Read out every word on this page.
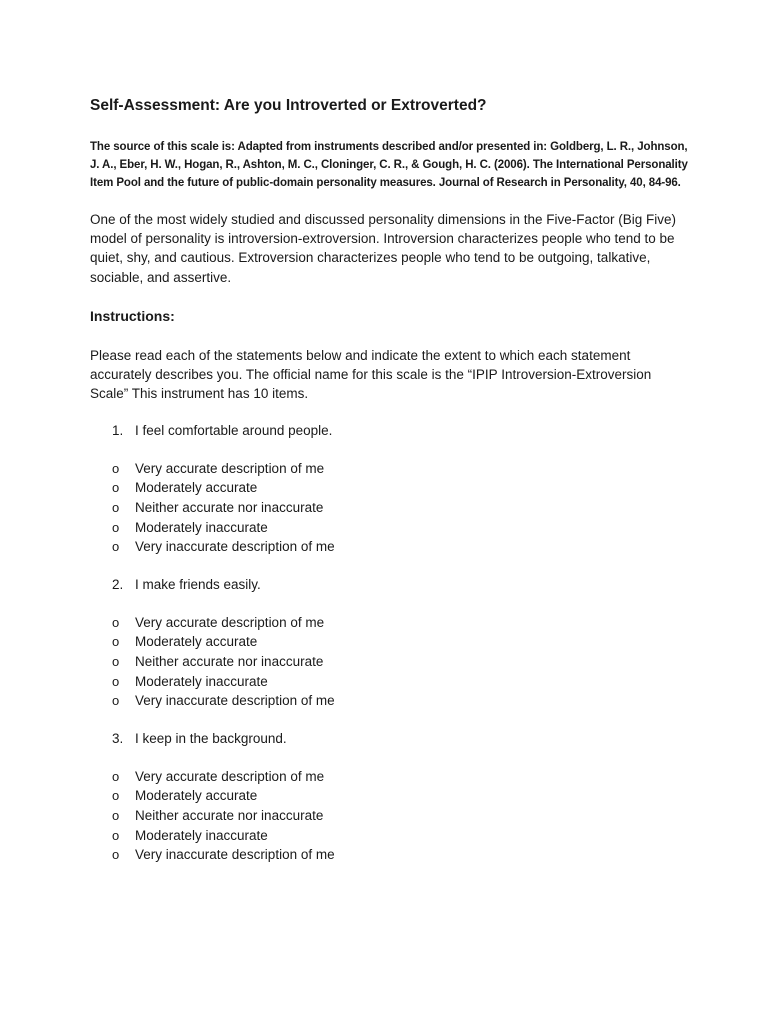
Self-Assessment: Are you Introverted or Extroverted?
The source of this scale is: Adapted from instruments described and/or presented in: Goldberg, L. R., Johnson, J. A., Eber, H. W., Hogan, R., Ashton, M. C., Cloninger, C. R., & Gough, H. C. (2006). The International Personality Item Pool and the future of public-domain personality measures. Journal of Research in Personality, 40, 84-96.
One of the most widely studied and discussed personality dimensions in the Five-Factor (Big Five) model of personality is introversion-extroversion. Introversion characterizes people who tend to be quiet, shy, and cautious. Extroversion characterizes people who tend to be outgoing, talkative, sociable, and assertive.
Instructions:
Please read each of the statements below and indicate the extent to which each statement accurately describes you. The official name for this scale is the “IPIP Introversion-Extroversion Scale” This instrument has 10 items.
1. I feel comfortable around people.
o Very accurate description of me
o Moderately accurate
o Neither accurate nor inaccurate
o Moderately inaccurate
o Very inaccurate description of me
2. I make friends easily.
o Very accurate description of me
o Moderately accurate
o Neither accurate nor inaccurate
o Moderately inaccurate
o Very inaccurate description of me
3. I keep in the background.
o Very accurate description of me
o Moderately accurate
o Neither accurate nor inaccurate
o Moderately inaccurate
o Very inaccurate description of me
